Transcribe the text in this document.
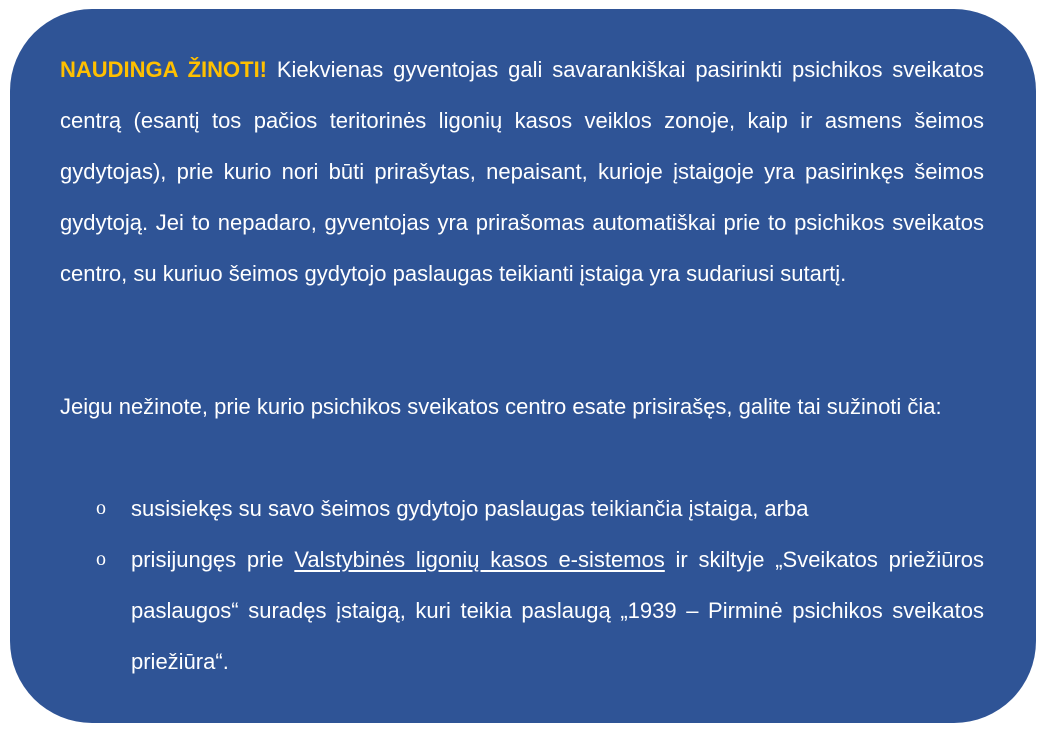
NAUDINGA ŽINOTI! Kiekvienas gyventojas gali savarankiškai pasirinkti psichikos sveikatos centrą (esantį tos pačios teritorinės ligonių kasos veiklos zonoje, kaip ir asmens šeimos gydytojas), prie kurio nori būti prirašytas, nepaisant, kurioje įstaigoje yra pasirinkęs šeimos gydytoją. Jei to nepadaro, gyventojas yra prirašomas automatiškai prie to psichikos sveikatos centro, su kuriuo šeimos gydytojo paslaugas teikianti įstaiga yra sudariusi sutartį.

Jeigu nežinote, prie kurio psichikos sveikatos centro esate prisirašęs, galite tai sužinoti čia:

o susisiekęs su savo šeimos gydytojo paslaugas teikiančia įstaiga, arba
o prisijungęs prie Valstybinės ligonių kasos e-sistemos ir skiltyje „Sveikatos priežiūros paslaugos“ suradęs įstaigą, kuri teikia paslaugą „1939 – Pirminė psichikos sveikatos priežiūra“.
